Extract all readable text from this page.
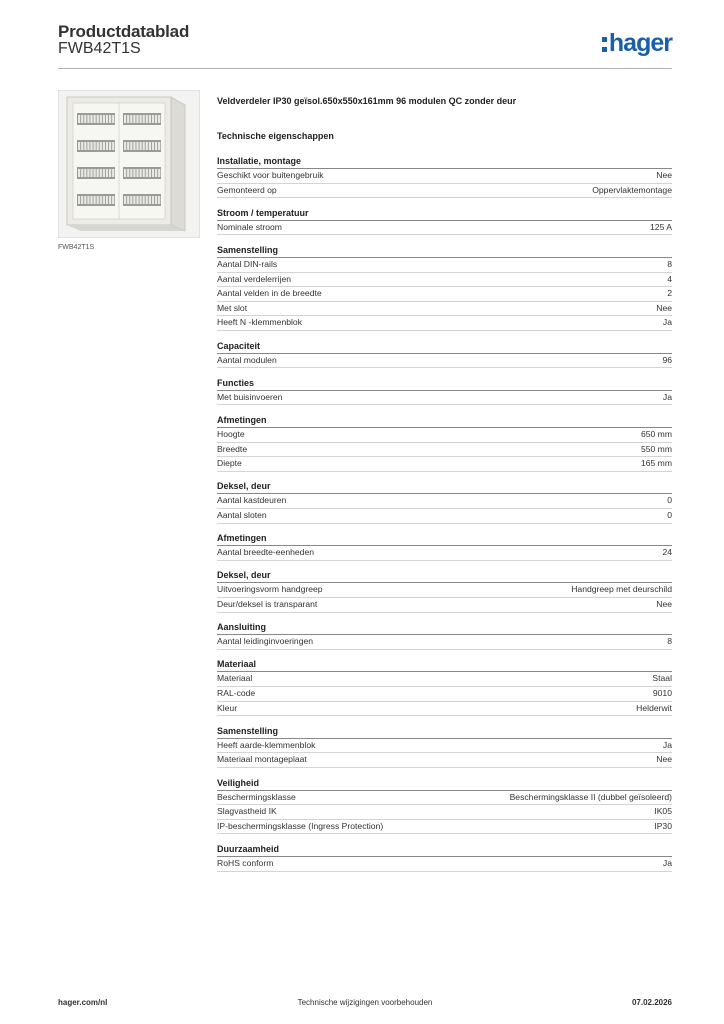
Productdatablad
FWB42T1S	hager
FWB42T1S
Veldverdeler IP30 geïsol.650x550x161mm 96 modulen QC zonder deur
Technische eigenschappen
Installatie, montage
Geschikt voor buitengebruik	Nee
Gemonteerd op	Oppervlaktemontage
Stroom / temperatuur
Nominale stroom	125 A
Samenstelling
Aantal DIN-rails	8
Aantal verdelerrijen	4
Aantal velden in de breedte	2
Met slot	Nee
Heeft N -klemmenblok	Ja
Capaciteit
Aantal modulen	96
Functies
Met buisinvoeren	Ja
Afmetingen
Hoogte	650 mm
Breedte	550 mm
Diepte	165 mm
Deksel, deur
Aantal kastdeuren	0
Aantal sloten	0
Afmetingen
Aantal breedte-eenheden	24
Deksel, deur
Uitvoeringsvorm handgreep	Handgreep met deurschild
Deur/deksel is transparant	Nee
Aansluiting
Aantal leidinginvoeringen	8
Materiaal
Materiaal	Staal
RAL-code	9010
Kleur	Helderwit
Samenstelling
Heeft aarde-klemmenblok	Ja
Materiaal montageplaat	Nee
Veiligheid
Beschermingsklasse	Beschermingsklasse II (dubbel geïsoleerd)
Slagvastheid IK	IK05
IP-beschermingsklasse (Ingress Protection)	IP30
Duurzaamheid
RoHS conform	Ja
hager.com/nl	Technische wijzigingen voorbehouden	07.02.2026
